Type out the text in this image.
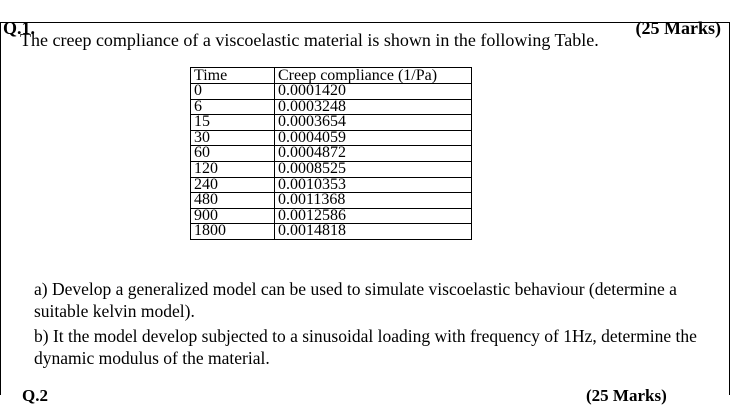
Q.1.	(25 Marks)
The creep compliance of a viscoelastic material is shown in the following Table.
Time	Creep compliance (1/Pa)
0	0.0001420
6	0.0003248
15	0.0003654
30	0.0004059
60	0.0004872
120	0.0008525
240	0.0010353
480	0.0011368
900	0.0012586
1800	0.0014818
a) Develop a generalized model can be used to simulate viscoelastic behaviour (determine a suitable kelvin model).
b) It the model develop subjected to a sinusoidal loading with frequency of 1Hz, determine the dynamic modulus of the material.
Q.2	(25 Marks)
